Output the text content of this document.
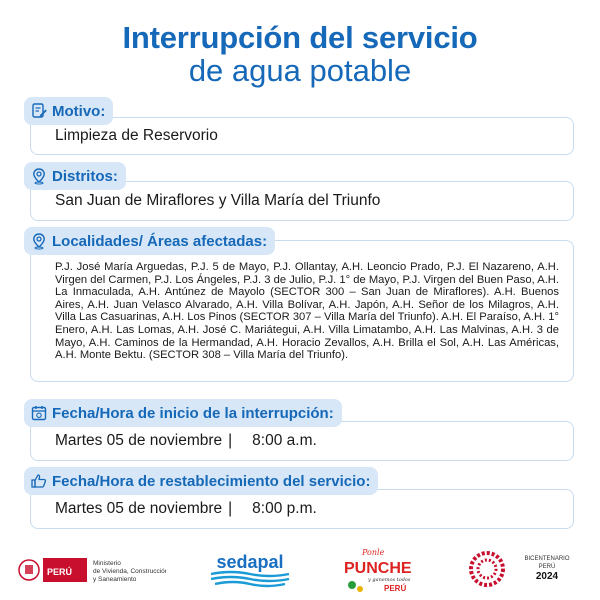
Interrupción del servicio
de agua potable
Motivo:
Limpieza de Reservorio
Distritos:
San Juan de Miraflores y Villa María del Triunfo
Localidades/ Áreas afectadas:
P.J. José María Arguedas, P.J. 5 de Mayo, P.J. Ollantay, A.H. Leoncio Prado, P.J. El Nazareno, A.H. Virgen del Carmen, P.J. Los Ángeles, P.J. 3 de Julio, P.J. 1° de Mayo, P.J. Virgen del Buen Paso, A.H. La Inmaculada, A.H. Antúnez de Mayolo (SECTOR 300 – San Juan de Miraflores). A.H. Buenos Aires, A.H. Juan Velasco Alvarado, A.H. Villa Bolívar, A.H. Japón, A.H. Señor de los Milagros, A.H. Villa Las Casuarinas, A.H. Los Pinos (SECTOR 307 – Villa María del Triunfo). A.H. El Paraíso, A.H. 1° Enero, A.H. Las Lomas, A.H. José C. Mariátegui, A.H. Villa Limatambo, A.H. Las Malvinas, A.H. 3 de Mayo, A.H. Caminos de la Hermandad, A.H. Horacio Zevallos, A.H. Brilla el Sol, A.H. Las Américas, A.H. Monte Bektu. (SECTOR 308 – Villa María del Triunfo).
Fecha/Hora de inicio de la interrupción:
Martes 05 de noviembre | 8:00 a.m.
Fecha/Hora de restablecimiento del servicio:
Martes 05 de noviembre | 8:00 p.m.
PERÚ
Ministerio
de Vivienda, Construcción
y Saneamiento
sedapal	Ponle
PUNCHE
y ganemos todos
PERÚ
BICENTENARIO
PERÚ
2024
